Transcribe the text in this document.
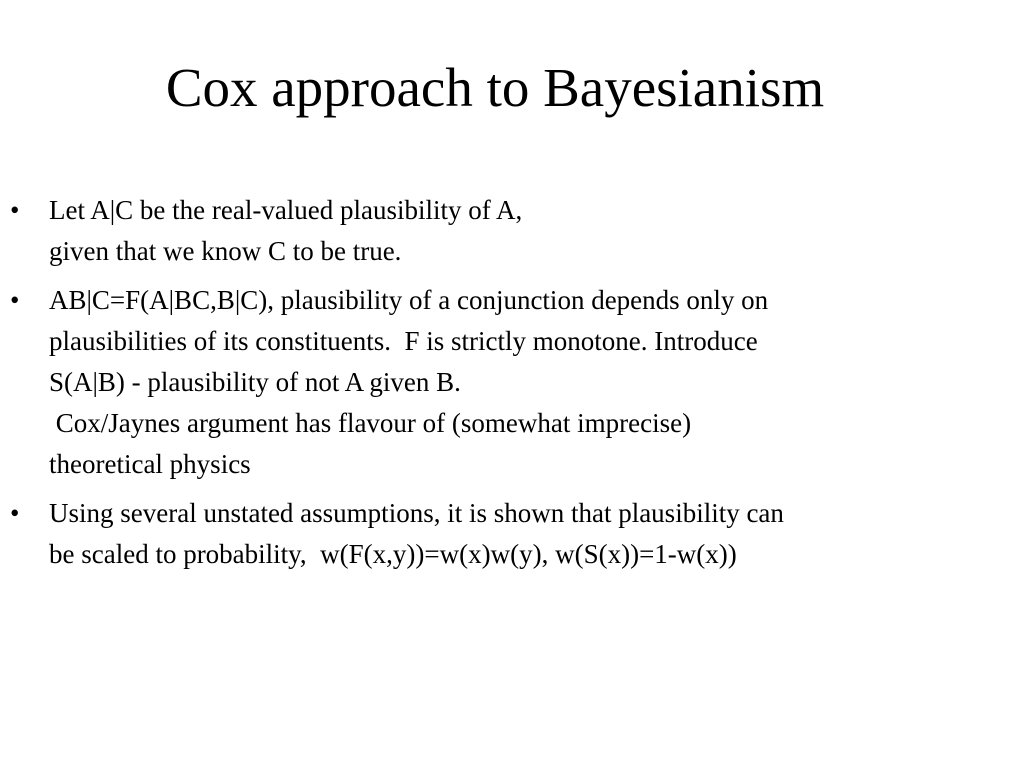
Cox approach to Bayesianism
•	Let A|C be the real-valued plausibility of A,
given that we know C to be true.
•	AB|C=F(A|BC,B|C), plausibility of a conjunction depends only on
plausibilities of its constituents.  F is strictly monotone. Introduce
S(A|B) - plausibility of not A given B.
Cox/Jaynes argument has flavour of (somewhat imprecise)
theoretical physics
•	Using several unstated assumptions, it is shown that plausibility can
be scaled to probability,  w(F(x,y))=w(x)w(y), w(S(x))=1-w(x))
